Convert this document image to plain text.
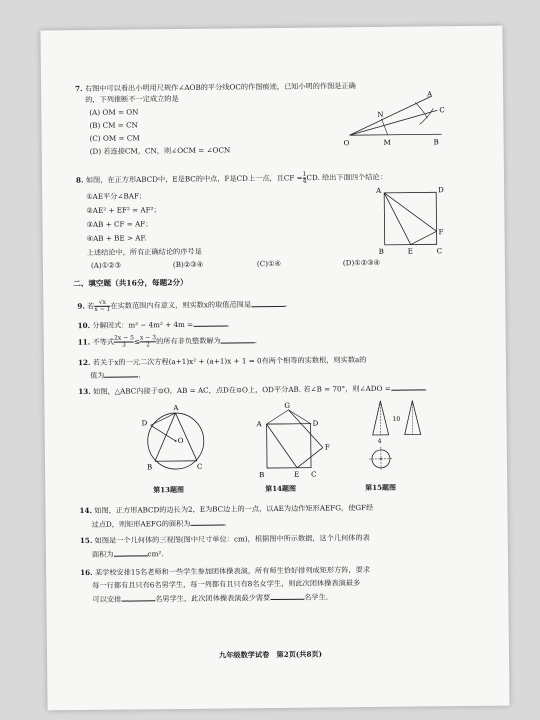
7. 右图中可以看出小明用尺规作∠AOB的平分线OC的作图痕迹，已知小明的作图是正确
的，下列推断不一定成立的是
(A) OM = ON
(B) CM = CN
(C) OM = CM
(D) 若连接CM，CN，则∠OCM = ∠OCN
A
N
C
O	M	B
8. 如图，在正方形ABCD中，E是BC的中点，F是CD上一点，且CF = $\frac{1}{4}$ CD. 给出下面四个结论：
①AE平分∠BAF；
②AE² + EF² = AF²；
③AB + CF = AF；
④AB + BE > AF.
上述结论中，所有正确结论的序号是
(A)①②③	(B)②③④	(C)①④	(D)①②③④
A	D
F
B	E	C
二、填空题（共16分，每题2分）
9. 若 $\frac{√x}{x - 1}$ 在实数范围内有意义，则实数x的取值范围是	.
10. 分解因式：m³ − 4m² + 4m =	.
11. 不等式 $\frac{2x - 5}{3} \le \frac{x - 3}{2}$ 的所有非负整数解为	.
12. 若关于x的一元二次方程(a+1)x² + (a+1)x + 1 = 0有两个相等的实数根，则实数a的
值为	.
13. 如图，△ABC内接于⊙O，AB = AC，点D在⊙O上，OD平分AB. 若∠B = 70°，则∠ADO =	.
A
D
O
B	C
G
F
A	D
E
B	C
10
4
第13题图	第14题图	第15题图
14. 如图，正方形ABCD的边长为2，E为BC边上的一点，以AE为边作矩形AEFG，使GF经
过点D，则矩形AEFG的面积为	.
15. 如图是一个几何体的三视图(图中尺寸单位：cm)，根据图中所示数据，这个几何体的表
面积为	cm².
16. 某学校安排15名老师和一些学生参加团体操表演，所有师生恰好排列成矩形方阵，要求
每一行都有且只有6名男学生，每一列都有且只有8名女学生，则此次团体操表演最多
可以安排	名男学生，此次团体操表演最少需要	名学生.
九年级数学试卷　第2页(共8页)
